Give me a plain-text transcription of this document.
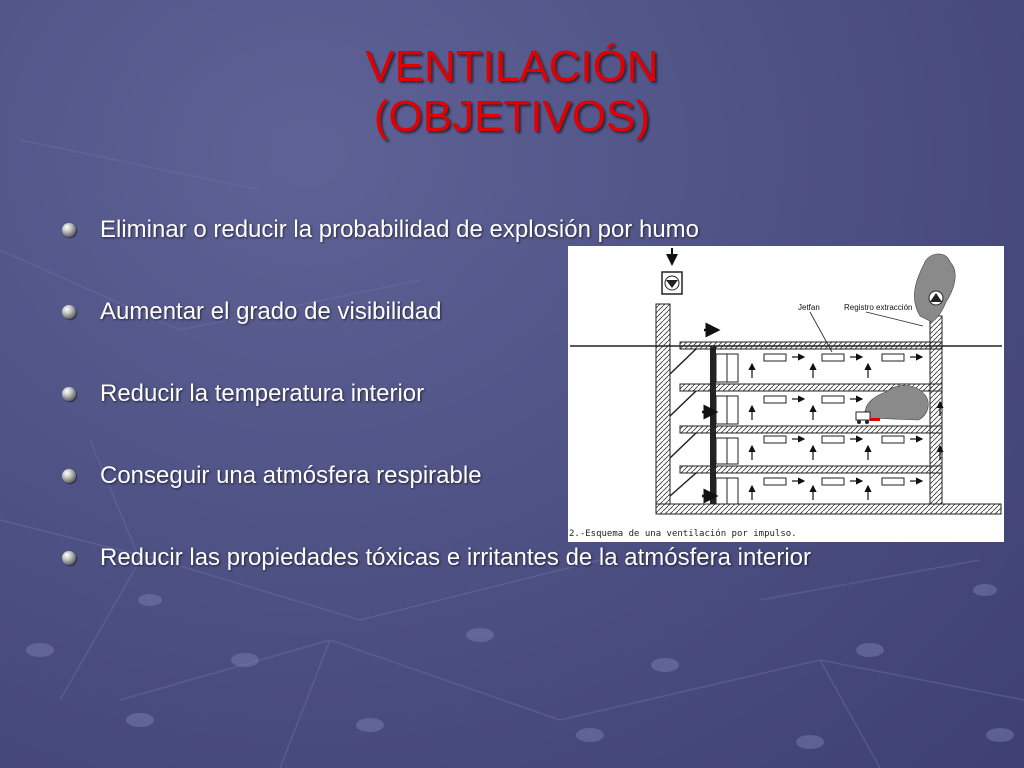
VENTILACIÓN
(OBJETIVOS)
Eliminar o reducir la probabilidad de explosión por humo
Aumentar el grado de visibilidad
Reducir la temperatura interior
Conseguir una atmósfera respirable
Reducir las propiedades tóxicas e irritantes de la atmósfera interior
Jetfan	Registro extracción
2.-Esquema de una ventilación por impulso.
